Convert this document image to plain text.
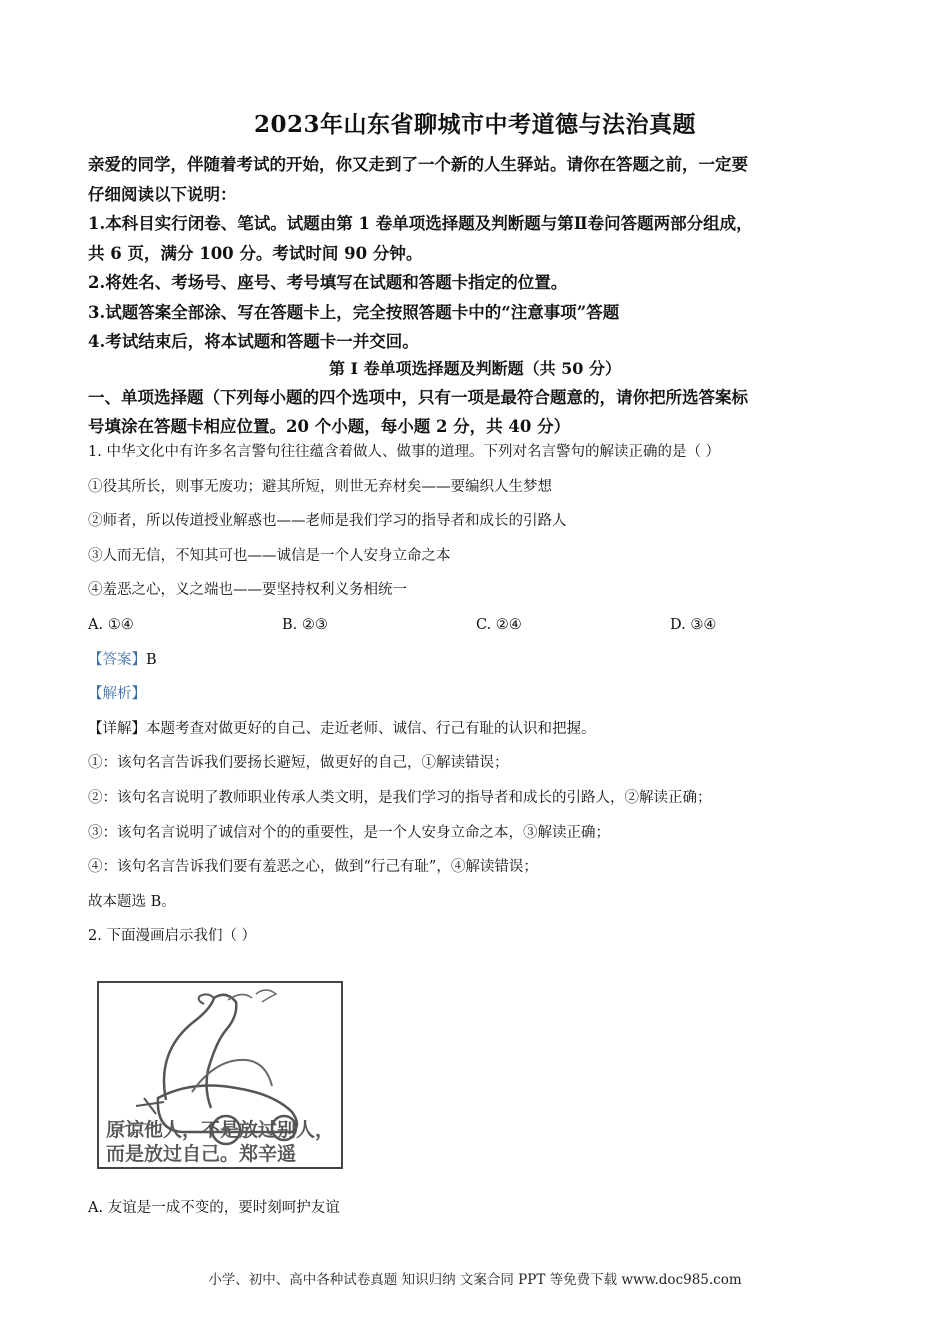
2023年山东省聊城市中考道德与法治真题

亲爱的同学，伴随着考试的开始，你又走到了一个新的人生驿站。请你在答题之前，一定要

仔细阅读以下说明：

1.本科目实行闭卷、笔试。试题由第 1 卷单项选择题及判断题与第Ⅱ卷问答题两部分组成，

共 6 页，满分 100 分。考试时间 90 分钟。

2.将姓名、考场号、座号、考号填写在试题和答题卡指定的位置。

3.试题答案全部涂、写在答题卡上，完全按照答题卡中的“注意事项”答题

4.考试结束后，将本试题和答题卡一并交回。

第 I 卷单项选择题及判断题（共 50 分）

一、单项选择题（下列每小题的四个选项中，只有一项是最符合题意的，请你把所选答案标

号填涂在答题卡相应位置。20 个小题，每小题 2 分，共 40 分）

1. 中华文化中有许多名言警句往往蕴含着做人、做事的道理。下列对名言警句的解读正确的是（ ）

①役其所长，则事无废功；避其所短，则世无弃材矣——要编织人生梦想

②师者，所以传道授业解惑也——老师是我们学习的指导者和成长的引路人

③人而无信，不知其可也——诚信是一个人安身立命之本

④羞恶之心，义之端也——要坚持权利义务相统一

A. ①④	B. ②③	C. ②④	D. ③④

【答案】B

【解析】

【详解】本题考查对做更好的自己、走近老师、诚信、行己有耻的认识和把握。

①：该句名言告诉我们要扬长避短，做更好的自己，①解读错误；

②：该句名言说明了教师职业传承人类文明，是我们学习的指导者和成长的引路人，②解读正确；

③：该句名言说明了诚信对个的的重要性，是一个人安身立命之本，③解读正确；

④：该句名言告诉我们要有羞恶之心，做到“行己有耻”，④解读错误；

故本题选 B。

2. 下面漫画启示我们（ ）

原谅他人，不是放过别人，
而是放过自己。郑辛遥
A. 友谊是一成不变的，要时刻呵护友谊
小学、初中、高中各种试卷真题 知识归纳 文案合同 PPT 等免费下载 www.doc985.com
